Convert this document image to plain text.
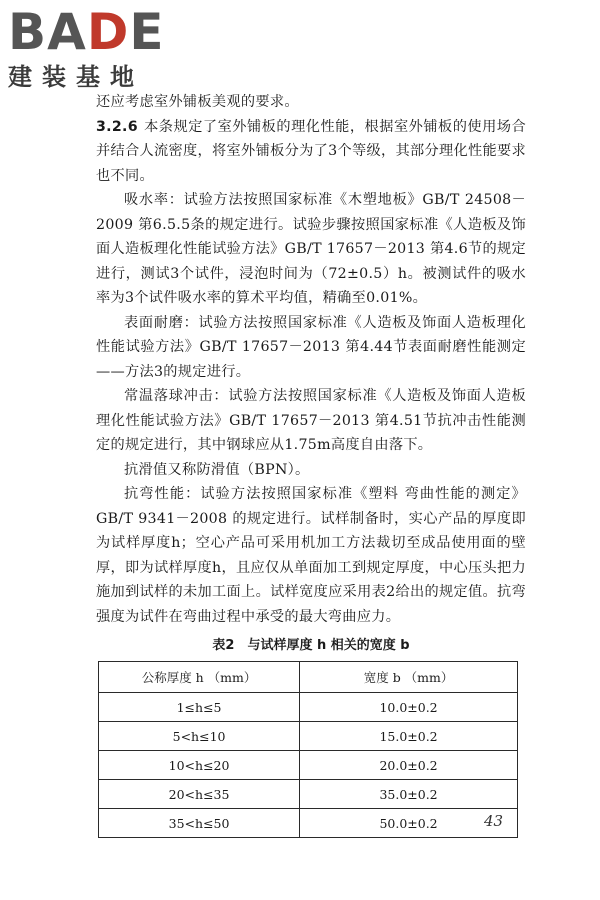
BADE
建装基地

还应考虑室外铺板美观的要求。

3.2.6 本条规定了室外铺板的理化性能，根据室外铺板的使用场合并结合人流密度，将室外铺板分为了3个等级，其部分理化性能要求也不同。

吸水率：试验方法按照国家标准《木塑地板》GB/T 24508－2009 第6.5.5条的规定进行。试验步骤按照国家标准《人造板及饰面人造板理化性能试验方法》GB/T 17657－2013 第4.6节的规定进行，测试3个试件，浸泡时间为（72±0.5）h。被测试件的吸水率为3个试件吸水率的算术平均值，精确至0.01%。

表面耐磨：试验方法按照国家标准《人造板及饰面人造板理化性能试验方法》GB/T 17657－2013 第4.44节表面耐磨性能测定——方法3的规定进行。

常温落球冲击：试验方法按照国家标准《人造板及饰面人造板理化性能试验方法》GB/T 17657－2013 第4.51节抗冲击性能测定的规定进行，其中钢球应从1.75m高度自由落下。

抗滑值又称防滑值（BPN）。

抗弯性能：试验方法按照国家标准《塑料 弯曲性能的测定》GB/T 9341－2008 的规定进行。试样制备时，实心产品的厚度即为试样厚度h；空心产品可采用机加工方法裁切至成品使用面的壁厚，即为试样厚度h，且应仅从单面加工到规定厚度，中心压头把力施加到试样的未加工面上。试样宽度应采用表2给出的规定值。抗弯强度为试件在弯曲过程中承受的最大弯曲应力。

表2　与试样厚度 h 相关的宽度 b
公称厚度 h （mm）	宽度 b （mm）
1≤h≤5	10.0±0.2
5<h≤10	15.0±0.2
10<h≤20	20.0±0.2
20<h≤35	35.0±0.2
35<h≤50	50.0±0.2	43
